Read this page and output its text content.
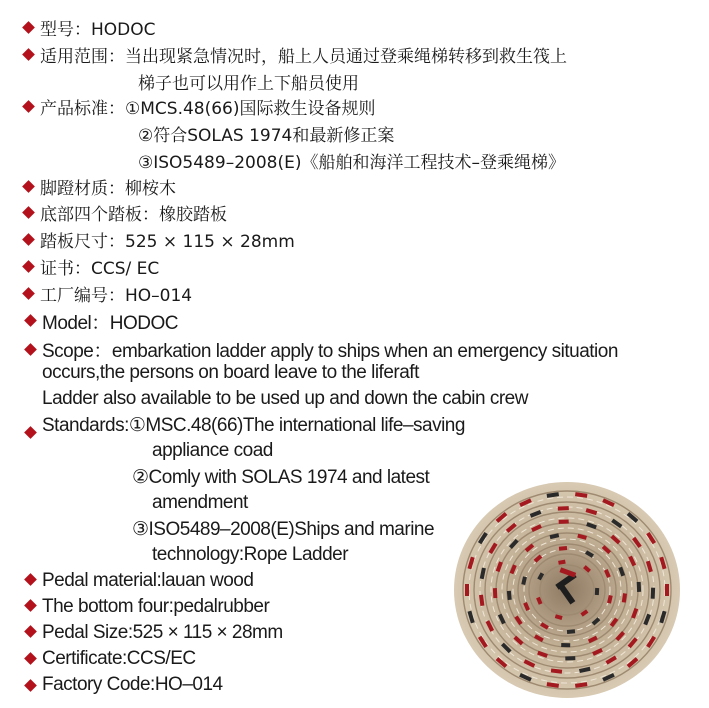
型号：HODOC
适用范围：当出现紧急情况时，船上人员通过登乘绳梯转移到救生筏上
梯子也可以用作上下船员使用
产品标准：①MCS.48(66)国际救生设备规则
②符合SOLAS 1974和最新修正案
③ISO5489–2008(E)《船舶和海洋工程技术–登乘绳梯》
脚蹬材质：柳桉木
底部四个踏板：橡胶踏板
踏板尺寸：525 × 115 × 28mm
证书：CCS/ EC
工厂编号：HO–014
Model：HODOC
Scope：embarkation ladder apply to ships when an emergency situation
occurs,the persons on board leave to the liferaft
Ladder also available to be used up and down the cabin crew
Standards:①MSC.48(66)The international life–saving
appliance coad
②Comly with SOLAS 1974 and latest
amendment
③ISO5489–2008(E)Ships and marine
technology:Rope Ladder
Pedal material:lauan wood
The bottom four:pedalrubber
Pedal Size:525 × 115 × 28mm
Certificate:CCS/EC
Factory Code:HO–014
